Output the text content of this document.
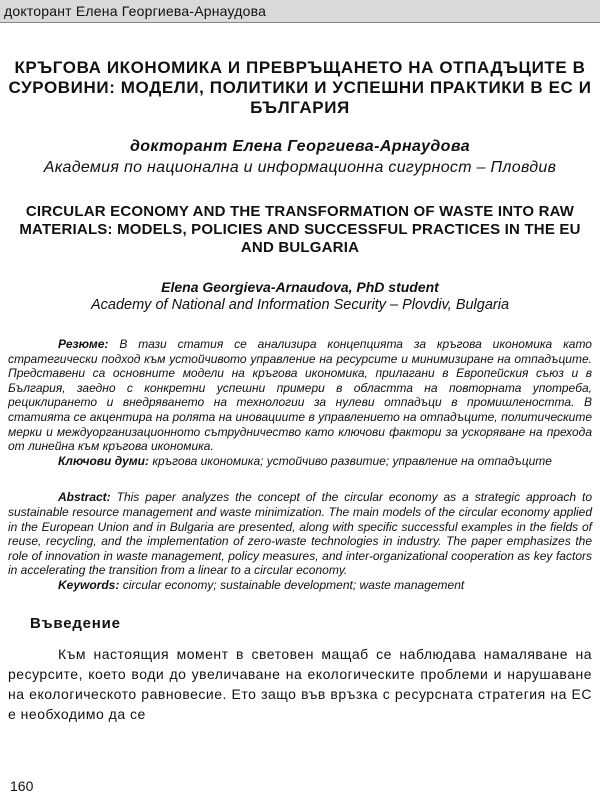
докторант Елена Георгиева-Арнаудова
КРЪГОВА ИКОНОМИКА И ПРЕВРЪЩАНЕТО НА ОТПАДЪЦИТЕ В СУРОВИНИ: МОДЕЛИ, ПОЛИТИКИ И УСПЕШНИ ПРАКТИКИ В ЕС И БЪЛГАРИЯ

докторант Елена Георгиева-Арнаудова

Академия по национална и информационна сигурност – Пловдив

CIRCULAR ECONOMY AND THE TRANSFORMATION OF WASTE INTO RAW MATERIALS: MODELS, POLICIES AND SUCCESSFUL PRACTICES IN THE EU AND BULGARIA

Elena Georgieva-Arnaudova, PhD student

Academy of National and Information Security – Plovdiv, Bulgaria

Резюме: В тази статия се анализира концепцията за кръгова икономика като стратегически подход към устойчивото управление на ресурсите и минимизиране на отпадъците. Представени са основните модели на кръгова икономика, прилагани в Европейския съюз и в България, заедно с конкретни успешни примери в областта на повторната употреба, рециклирането и внедряването на технологии за нулеви отпадъци в промишлеността. В статията се акцентира на ролята на иновациите в управлението на отпадъците, политическите мерки и междуорганизационното сътрудничество като ключови фактори за ускоряване на прехода от линейна към кръгова икономика.

Ключови думи: кръгова икономика; устойчиво развитие; управление на отпадъците

Abstract: This paper analyzes the concept of the circular economy as a strategic approach to sustainable resource management and waste minimization. The main models of the circular economy applied in the European Union and in Bulgaria are presented, along with specific successful examples in the fields of reuse, recycling, and the implementation of zero-waste technologies in industry. The paper emphasizes the role of innovation in waste management, policy measures, and inter-organizational cooperation as key factors in accelerating the transition from a linear to a circular economy.

Keywords: circular economy; sustainable development; waste management

Въведение

Към настоящия момент в световен мащаб се наблюдава намаляване на ресурсите, което води до увеличаване на екологичеcките проблеми и нарушаване на екологическото равновесие. Ето защо във връзка с ресурсната стратегия на ЕС е необходимо да се

160
